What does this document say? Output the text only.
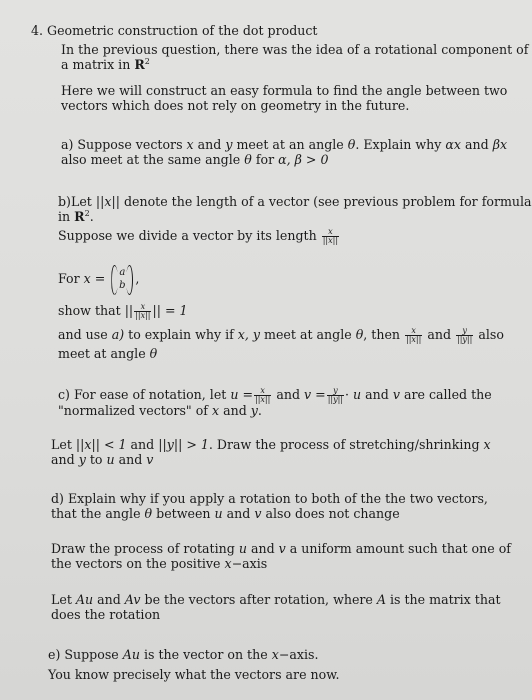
4. Geometric construction of the dot product
In the previous question, there was the idea of a rotational component of
a matrix in $R^2$
Here we will construct an easy formula to find the angle between two
vectors which does not rely on geometry in the future.
a) Suppose vectors x and y meet at an angle θ. Explain why αx and βx
also meet at the same angle θ for α, β > 0
b)Let ||x|| denote the length of a vector (see previous problem for formula
in $R^2$.
Suppose we divide a vector by its length $\frac{x}{||x||}$
For x =	a
b ,
show that || $\frac{x}{||x||}$ || = 1
and use a) to explain why if x, y meet at angle θ, then $\frac{x}{||x||}$ and $\frac{y}{||y||}$ also
meet at angle θ
c) For ease of notation, let $u = \frac{x}{||x||}$ and $v = \frac{y}{||y||} \cdot u$ and v are called the
"normalized vectors" of x and y.
Let ||x|| < 1 and ||y|| > 1. Draw the process of stretching/shrinking x
and y to u and v
d) Explain why if you apply a rotation to both of the the two vectors,
that the angle θ between u and v also does not change
Draw the process of rotating u and v a uniform amount such that one of
the vectors on the positive x−axis
Let Au and Av be the vectors after rotation, where A is the matrix that
does the rotation
e) Suppose Au is the vector on the x−axis.
You know precisely what the vectors are now.
